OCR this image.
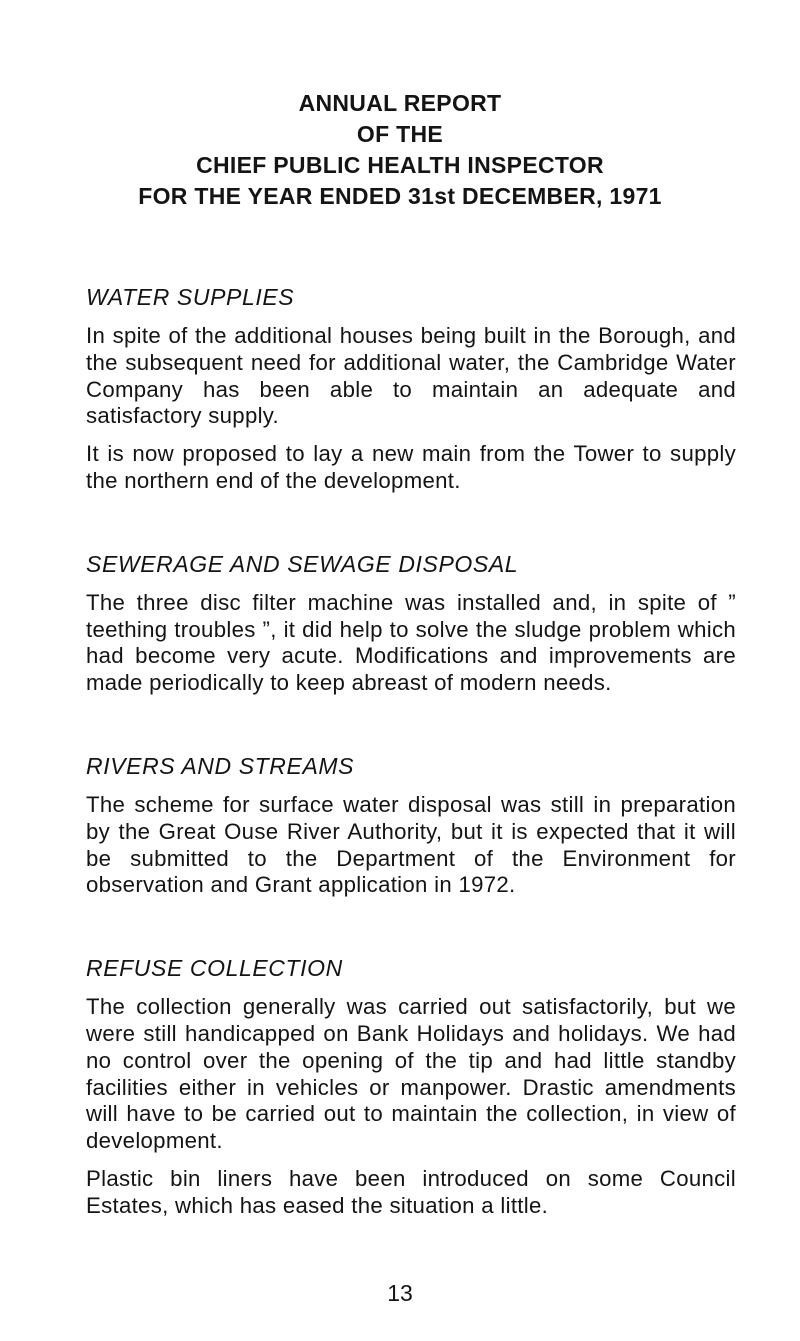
ANNUAL REPORT
OF THE
CHIEF PUBLIC HEALTH INSPECTOR
FOR THE YEAR ENDED 31st DECEMBER, 1971
WATER SUPPLIES

In spite of the additional houses being built in the Borough, and the subsequent need for additional water, the Cambridge Water Company has been able to maintain an adequate and satisfactory supply.

It is now proposed to lay a new main from the Tower to supply the northern end of the development.

SEWERAGE AND SEWAGE DISPOSAL

The three disc filter machine was installed and, in spite of ” teething troubles ”, it did help to solve the sludge problem which had become very acute. Modifications and improvements are made periodically to keep abreast of modern needs.

RIVERS AND STREAMS

The scheme for surface water disposal was still in preparation by the Great Ouse River Authority, but it is expected that it will be submitted to the Department of the Environment for observation and Grant application in 1972.

REFUSE COLLECTION

The collection generally was carried out satisfactorily, but we were still handicapped on Bank Holidays and holidays. We had no control over the opening of the tip and had little standby facilities either in vehicles or manpower. Drastic amendments will have to be carried out to maintain the collection, in view of development.

Plastic bin liners have been introduced on some Council Estates, which has eased the situation a little.

13
